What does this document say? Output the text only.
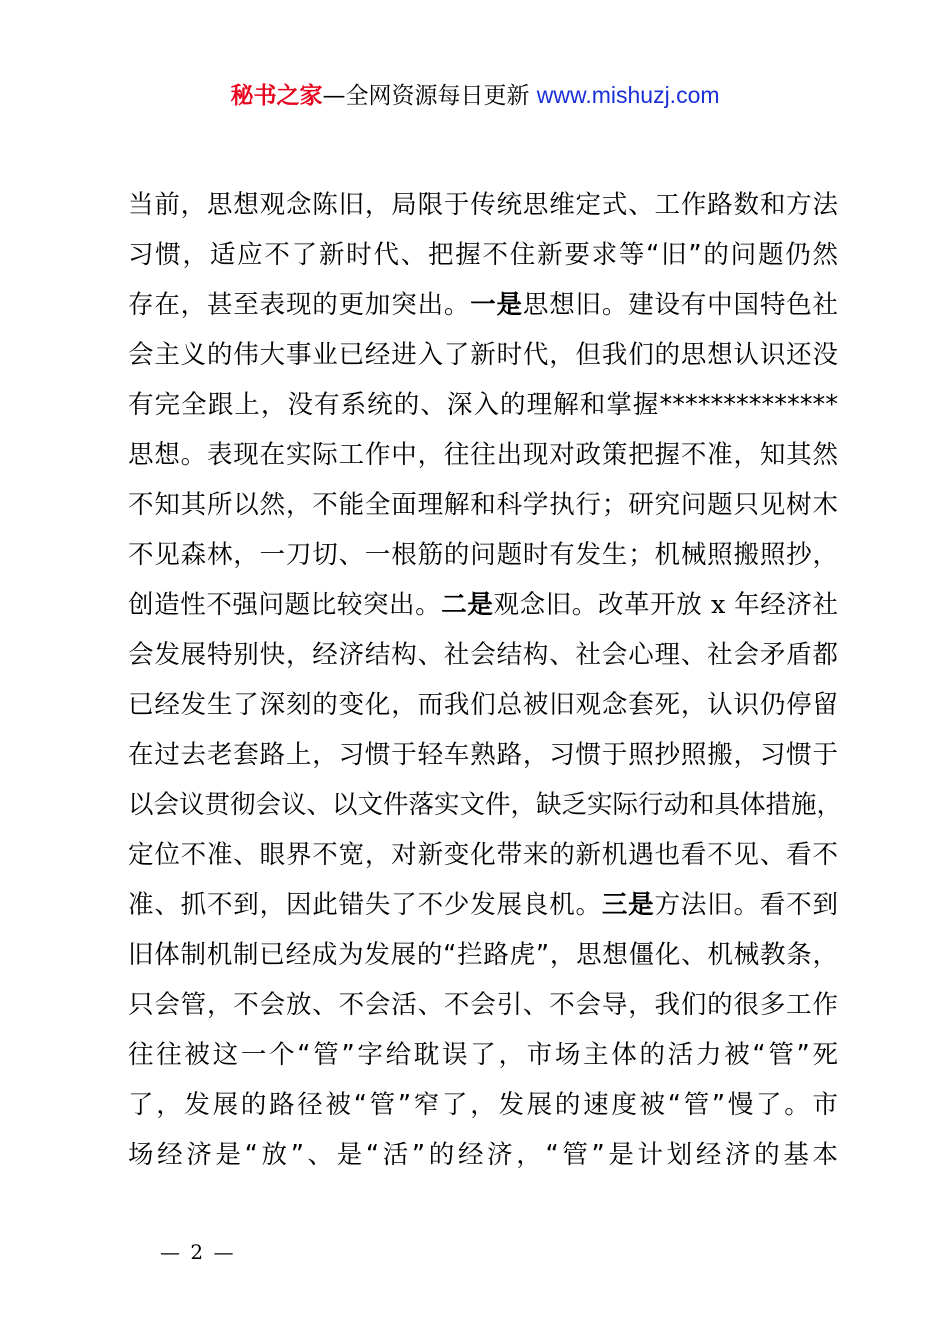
秘书之家—全网资源每日更新 www.mishuzj.com
当前，思想观念陈旧，局限于传统思维定式、工作路数和方法
习惯，适应不了新时代、把握不住新要求等“旧”的问题仍然
存在，甚至表现的更加突出。一是思想旧。建设有中国特色社
会主义的伟大事业已经进入了新时代，但我们的思想认识还没
有完全跟上，没有系统的、深入的理解和掌握**************
思想。表现在实际工作中，往往出现对政策把握不准，知其然
不知其所以然，不能全面理解和科学执行；研究问题只见树木
不见森林，一刀切、一根筋的问题时有发生；机械照搬照抄，
创造性不强问题比较突出。二是观念旧。改革开放 x 年经济社
会发展特别快，经济结构、社会结构、社会心理、社会矛盾都
已经发生了深刻的变化，而我们总被旧观念套死，认识仍停留
在过去老套路上，习惯于轻车熟路，习惯于照抄照搬，习惯于
以会议贯彻会议、以文件落实文件，缺乏实际行动和具体措施，
定位不准、眼界不宽，对新变化带来的新机遇也看不见、看不
准、抓不到，因此错失了不少发展良机。三是方法旧。看不到
旧体制机制已经成为发展的“拦路虎”，思想僵化、机械教条，
只会管，不会放、不会活、不会引、不会导，我们的很多工作
往往被这一个“管”字给耽误了，市场主体的活力被“管”死
了，发展的路径被“管”窄了，发展的速度被“管”慢了。市
场经济是“放”、是“活”的经济，“管”是计划经济的基本
— 2 —
